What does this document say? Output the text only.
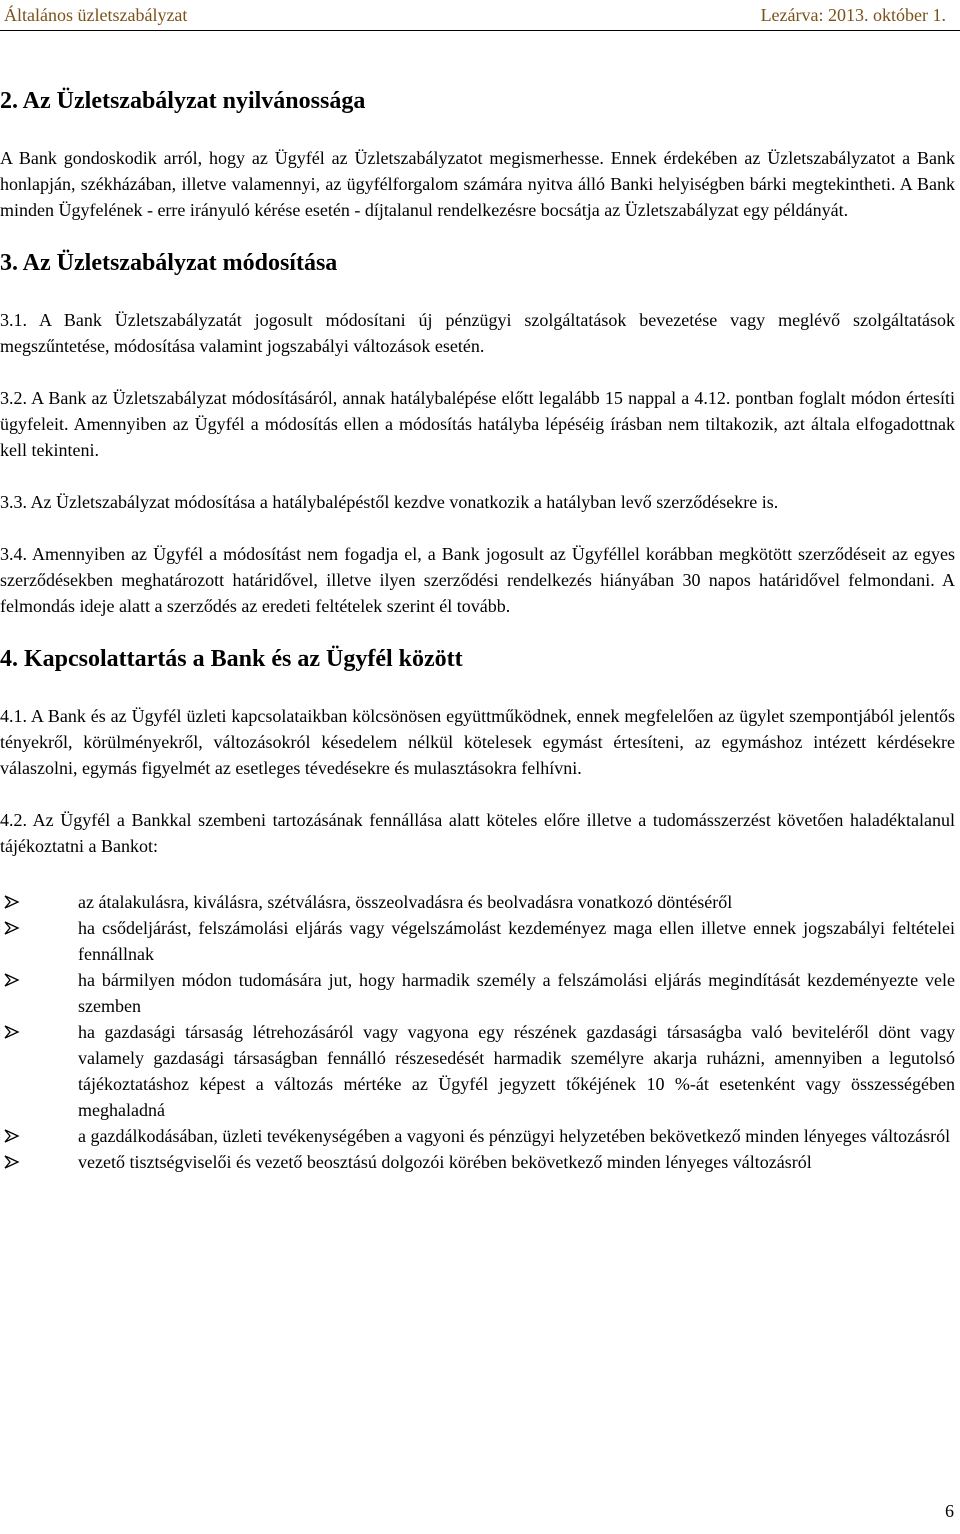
Általános üzletszabályzat	Lezárva: 2013. október 1.
2. Az Üzletszabályzat nyilvánossága

A Bank gondoskodik arról, hogy az Ügyfél az Üzletszabályzatot megismerhesse. Ennek érdekében az Üzletszabályzatot a Bank honlapján, székházában, illetve valamennyi, az ügyfélforgalom számára nyitva álló Banki helyiségben bárki megtekintheti. A Bank minden Ügyfelének - erre irányuló kérése esetén - díjtalanul rendelkezésre bocsátja az Üzletszabályzat egy példányát.

3. Az Üzletszabályzat módosítása

3.1. A Bank Üzletszabályzatát jogosult módosítani új pénzügyi szolgáltatások bevezetése vagy meglévő szolgáltatások megszűntetése, módosítása valamint jogszabályi változások esetén.

3.2. A Bank az Üzletszabályzat módosításáról, annak hatálybalépése előtt legalább 15 nappal a 4.12. pontban foglalt módon értesíti ügyfeleit. Amennyiben az Ügyfél a módosítás ellen a módosítás hatályba lépéséig írásban nem tiltakozik, azt általa elfogadottnak kell tekinteni.

3.3. Az Üzletszabályzat módosítása a hatálybalépéstől kezdve vonatkozik a hatályban levő szerződésekre is.

3.4. Amennyiben az Ügyfél a módosítást nem fogadja el, a Bank jogosult az Ügyféllel korábban megkötött szerződéseit az egyes szerződésekben meghatározott határidővel, illetve ilyen szerződési rendelkezés hiányában 30 napos határidővel felmondani. A felmondás ideje alatt a szerződés az eredeti feltételek szerint él tovább.

4. Kapcsolattartás a Bank és az Ügyfél között

4.1. A Bank és az Ügyfél üzleti kapcsolataikban kölcsönösen együttműködnek, ennek megfelelően az ügylet szempontjából jelentős tényekről, körülményekről, változásokról késedelem nélkül kötelesek egymást értesíteni, az egymáshoz intézett kérdésekre válaszolni, egymás figyelmét az esetleges tévedésekre és mulasztásokra felhívni.

4.2. Az Ügyfél a Bankkal szembeni tartozásának fennállása alatt köteles előre illetve a tudomásszerzést követően haladéktalanul tájékoztatni a Bankot:

az átalakulásra, kiválásra, szétválásra, összeolvadásra és beolvadásra vonatkozó döntéséről
ha csődeljárást, felszámolási eljárás vagy végelszámolást kezdeményez maga ellen illetve ennek jogszabályi feltételei fennállnak
ha bármilyen módon tudomására jut, hogy harmadik személy a felszámolási eljárás megindítását kezdeményezte vele szemben
ha gazdasági társaság létrehozásáról vagy vagyona egy részének gazdasági társaságba való beviteléről dönt vagy valamely gazdasági társaságban fennálló részesedését harmadik személyre akarja ruházni, amennyiben a legutolsó tájékoztatáshoz képest a változás mértéke az Ügyfél jegyzett tőkéjének 10 %-át esetenként vagy összességében meghaladná
a gazdálkodásában, üzleti tevékenységében a vagyoni és pénzügyi helyzetében bekövetkező minden lényeges változásról
vezető tisztségviselői és vezető beosztású dolgozói körében bekövetkező minden lényeges változásról
6
